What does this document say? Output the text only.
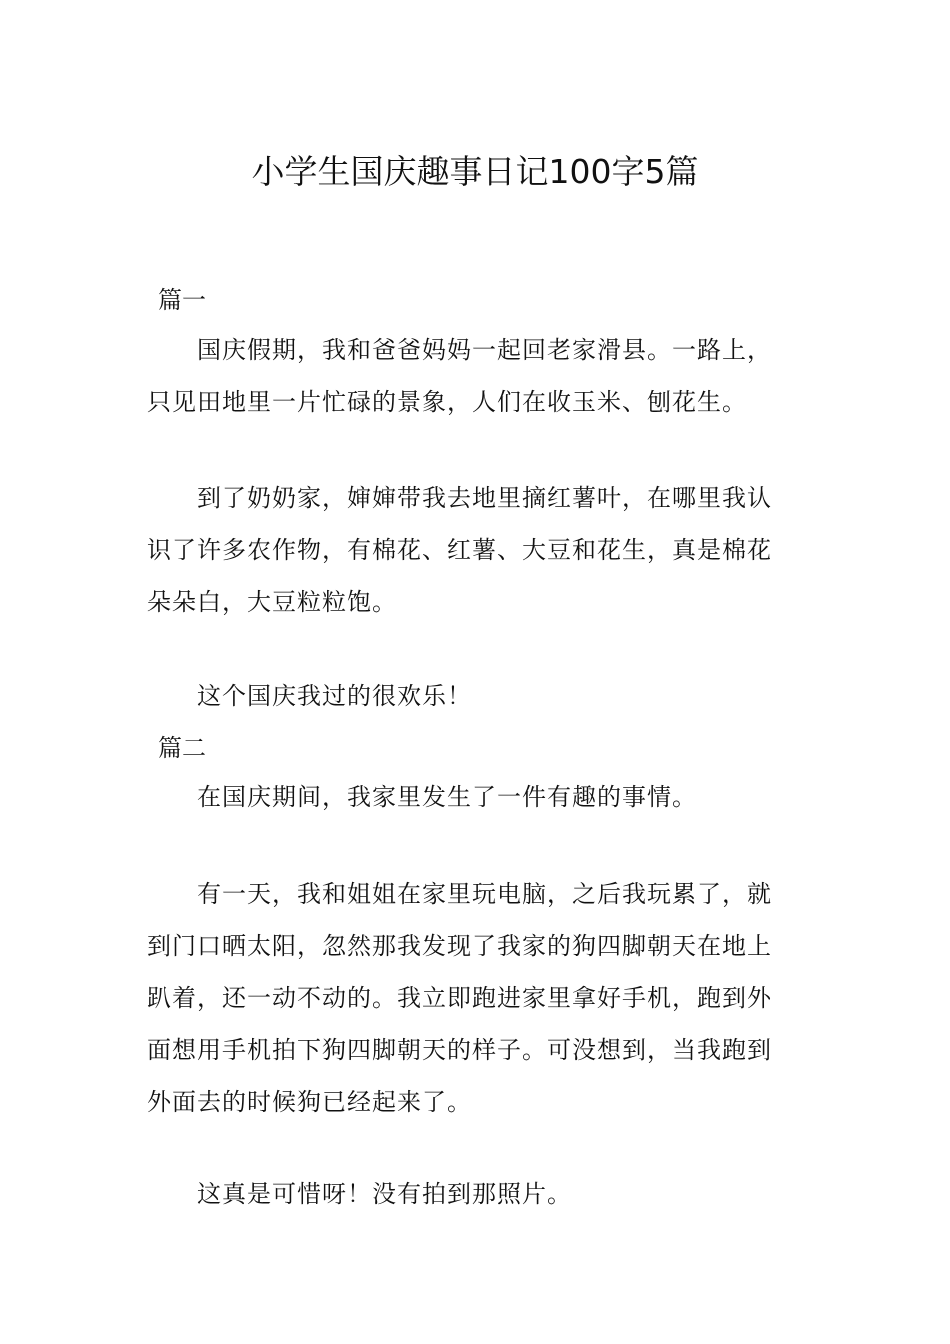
小学生国庆趣事日记100字5篇
篇一
国庆假期，我和爸爸妈妈一起回老家滑县。一路上，
只见田地里一片忙碌的景象，人们在收玉米、刨花生。
到了奶奶家，婶婶带我去地里摘红薯叶，在哪里我认
识了许多农作物，有棉花、红薯、大豆和花生，真是棉花
朵朵白，大豆粒粒饱。
这个国庆我过的很欢乐！
篇二
在国庆期间，我家里发生了一件有趣的事情。
有一天，我和姐姐在家里玩电脑，之后我玩累了，就
到门口晒太阳，忽然那我发现了我家的狗四脚朝天在地上
趴着，还一动不动的。我立即跑进家里拿好手机，跑到外
面想用手机拍下狗四脚朝天的样子。可没想到，当我跑到
外面去的时候狗已经起来了。
这真是可惜呀！没有拍到那照片。
